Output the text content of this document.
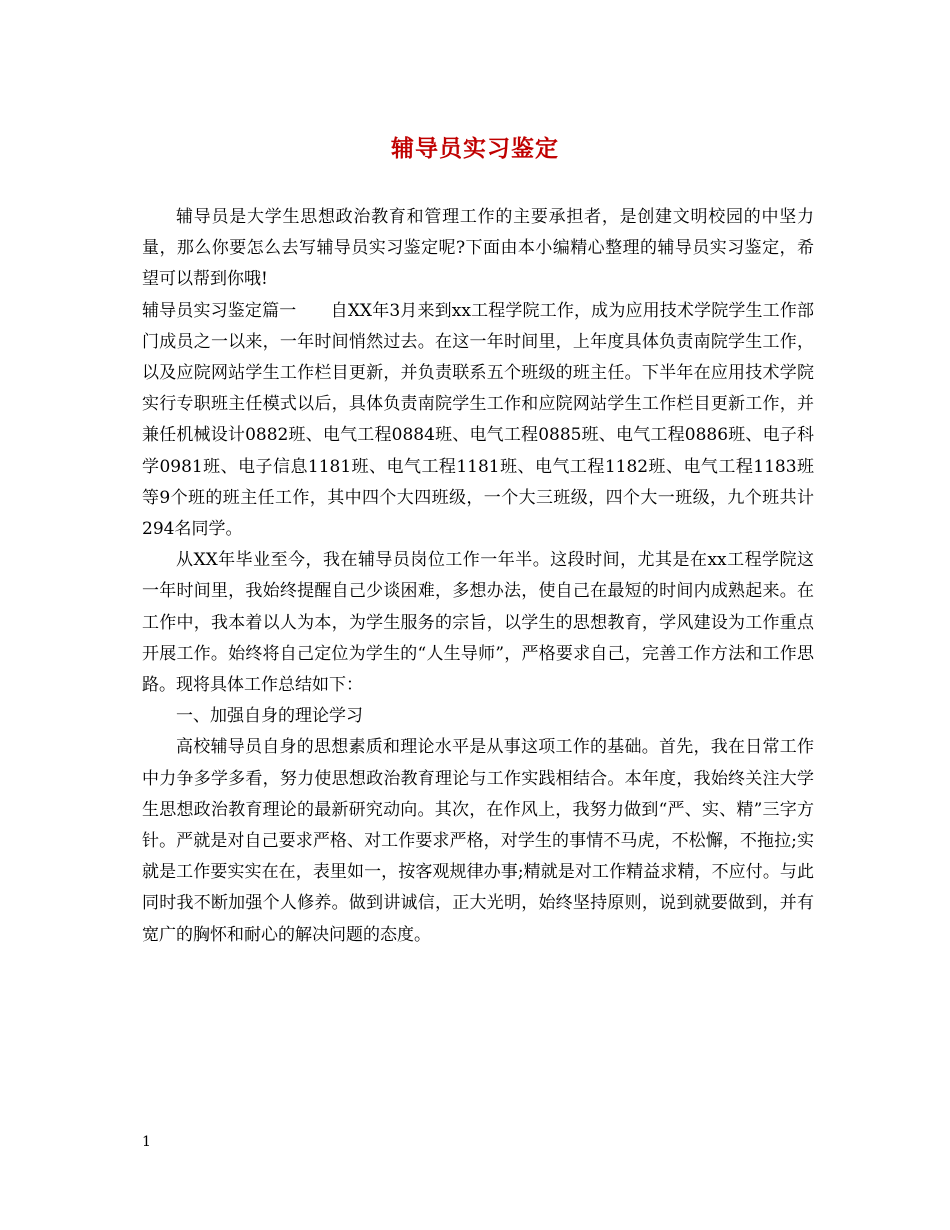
辅导员实习鉴定

辅导员是大学生思想政治教育和管理工作的主要承担者，是创建文明校园的中坚力量，那么你要怎么去写辅导员实习鉴定呢?下面由本小编精心整理的辅导员实习鉴定，希望可以帮到你哦!

辅导员实习鉴定篇一　　自XX年3月来到xx工程学院工作，成为应用技术学院学生工作部门成员之一以来，一年时间悄然过去。在这一年时间里，上年度具体负责南院学生工作，以及应院网站学生工作栏目更新，并负责联系五个班级的班主任。下半年在应用技术学院实行专职班主任模式以后，具体负责南院学生工作和应院网站学生工作栏目更新工作，并兼任机械设计0882班、电气工程0884班、电气工程0885班、电气工程0886班、电子科学0981班、电子信息1181班、电气工程1181班、电气工程1182班、电气工程1183班等9个班的班主任工作，其中四个大四班级，一个大三班级，四个大一班级，九个班共计294名同学。

从XX年毕业至今，我在辅导员岗位工作一年半。这段时间，尤其是在xx工程学院这一年时间里，我始终提醒自己少谈困难，多想办法，使自己在最短的时间内成熟起来。在工作中，我本着以人为本，为学生服务的宗旨，以学生的思想教育，学风建设为工作重点开展工作。始终将自己定位为学生的“人生导师”，严格要求自己，完善工作方法和工作思路。现将具体工作总结如下：

一、加强自身的理论学习

高校辅导员自身的思想素质和理论水平是从事这项工作的基础。首先，我在日常工作中力争多学多看，努力使思想政治教育理论与工作实践相结合。本年度，我始终关注大学生思想政治教育理论的最新研究动向。其次，在作风上，我努力做到“严、实、精”三字方针。严就是对自己要求严格、对工作要求严格，对学生的事情不马虎，不松懈，不拖拉;实就是工作要实实在在，表里如一，按客观规律办事;精就是对工作精益求精，不应付。与此同时我不断加强个人修养。做到讲诚信，正大光明，始终坚持原则，说到就要做到，并有宽广的胸怀和耐心的解决问题的态度。

1
